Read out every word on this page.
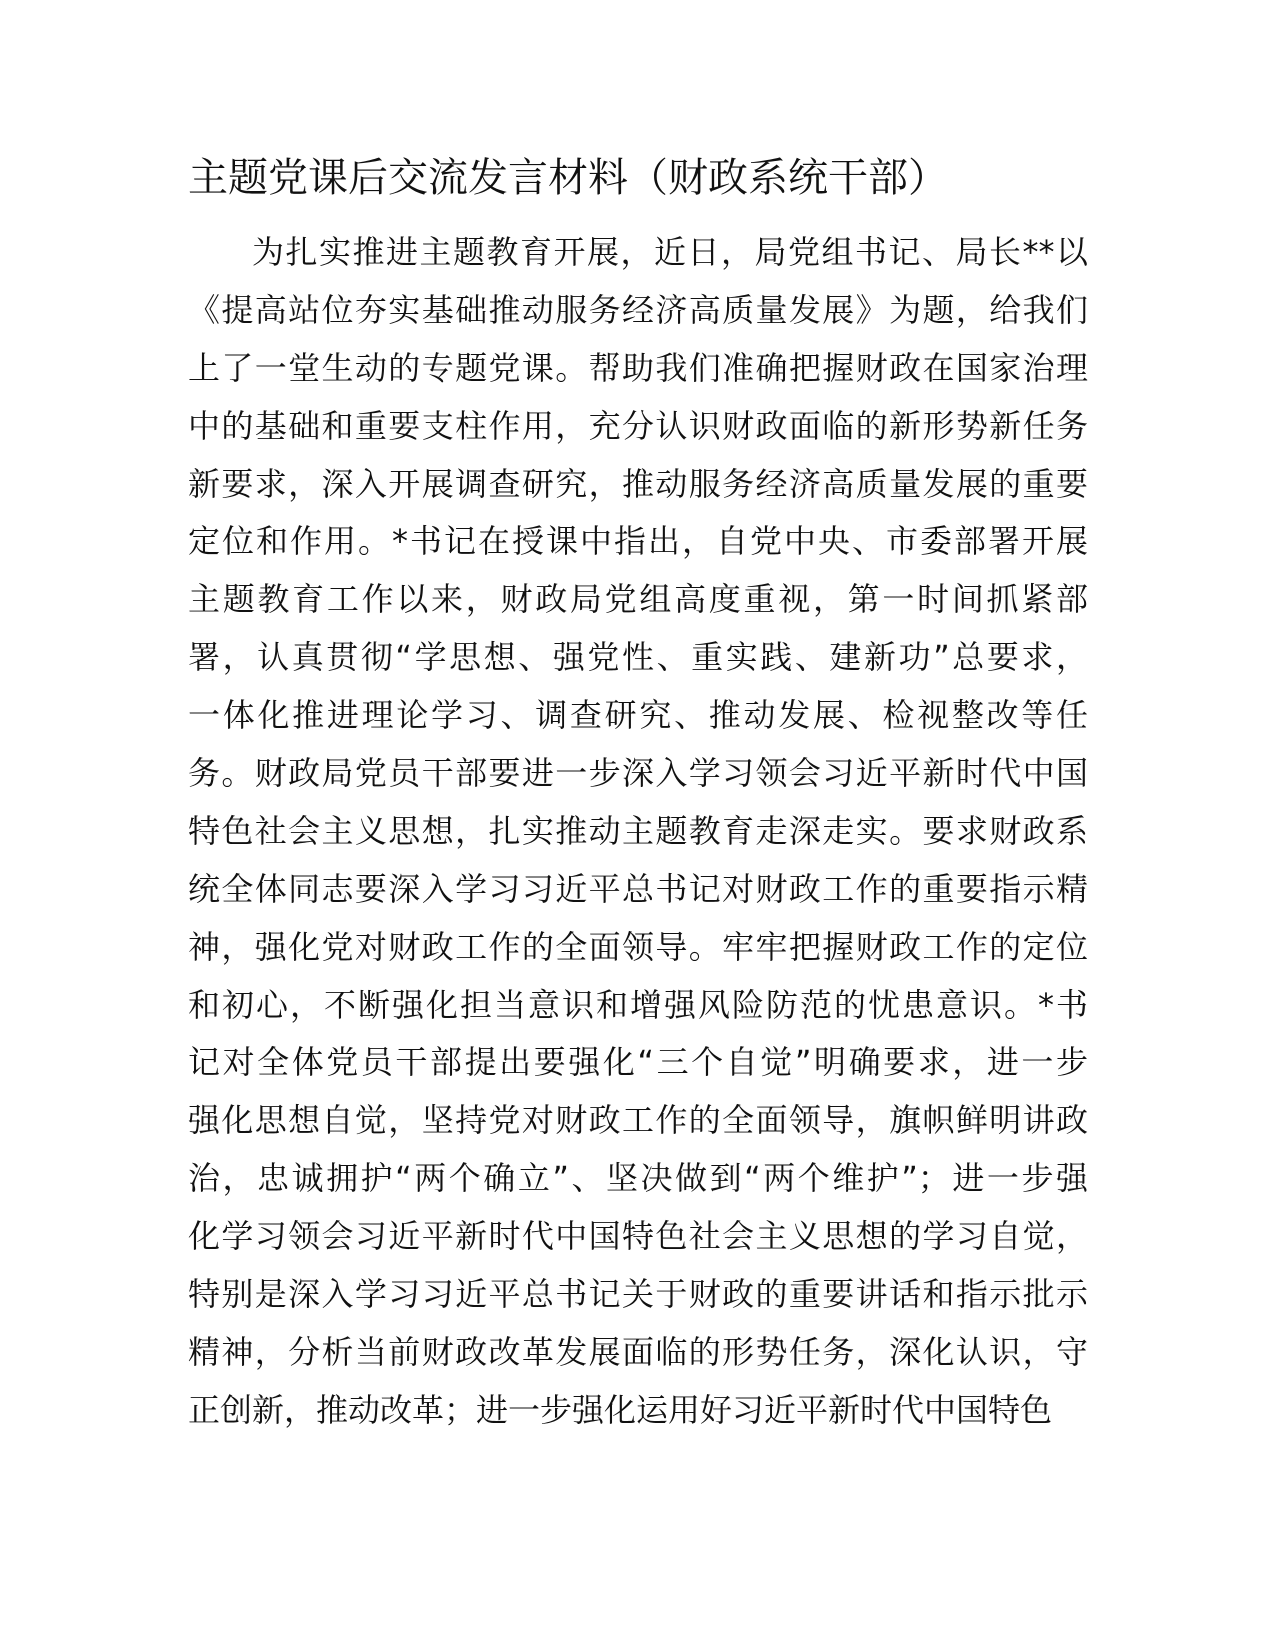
主题党课后交流发言材料（财政系统干部）
为扎实推进主题教育开展，近日，局党组书记、局长**以
《提高站位夯实基础推动服务经济高质量发展》为题，给我们
上了一堂生动的专题党课。帮助我们准确把握财政在国家治理
中的基础和重要支柱作用，充分认识财政面临的新形势新任务
新要求，深入开展调查研究，推动服务经济高质量发展的重要
定位和作用。*书记在授课中指出，自党中央、市委部署开展
主题教育工作以来，财政局党组高度重视，第一时间抓紧部
署，认真贯彻“学思想、强党性、重实践、建新功”总要求，
一体化推进理论学习、调查研究、推动发展、检视整改等任
务。财政局党员干部要进一步深入学习领会习近平新时代中国
特色社会主义思想，扎实推动主题教育走深走实。要求财政系
统全体同志要深入学习习近平总书记对财政工作的重要指示精
神，强化党对财政工作的全面领导。牢牢把握财政工作的定位
和初心，不断强化担当意识和增强风险防范的忧患意识。*书
记对全体党员干部提出要强化“三个自觉”明确要求，进一步
强化思想自觉，坚持党对财政工作的全面领导，旗帜鲜明讲政
治，忠诚拥护“两个确立”、坚决做到“两个维护”；进一步强
化学习领会习近平新时代中国特色社会主义思想的学习自觉，
特别是深入学习习近平总书记关于财政的重要讲话和指示批示
精神，分析当前财政改革发展面临的形势任务，深化认识，守
正创新，推动改革；进一步强化运用好习近平新时代中国特色
